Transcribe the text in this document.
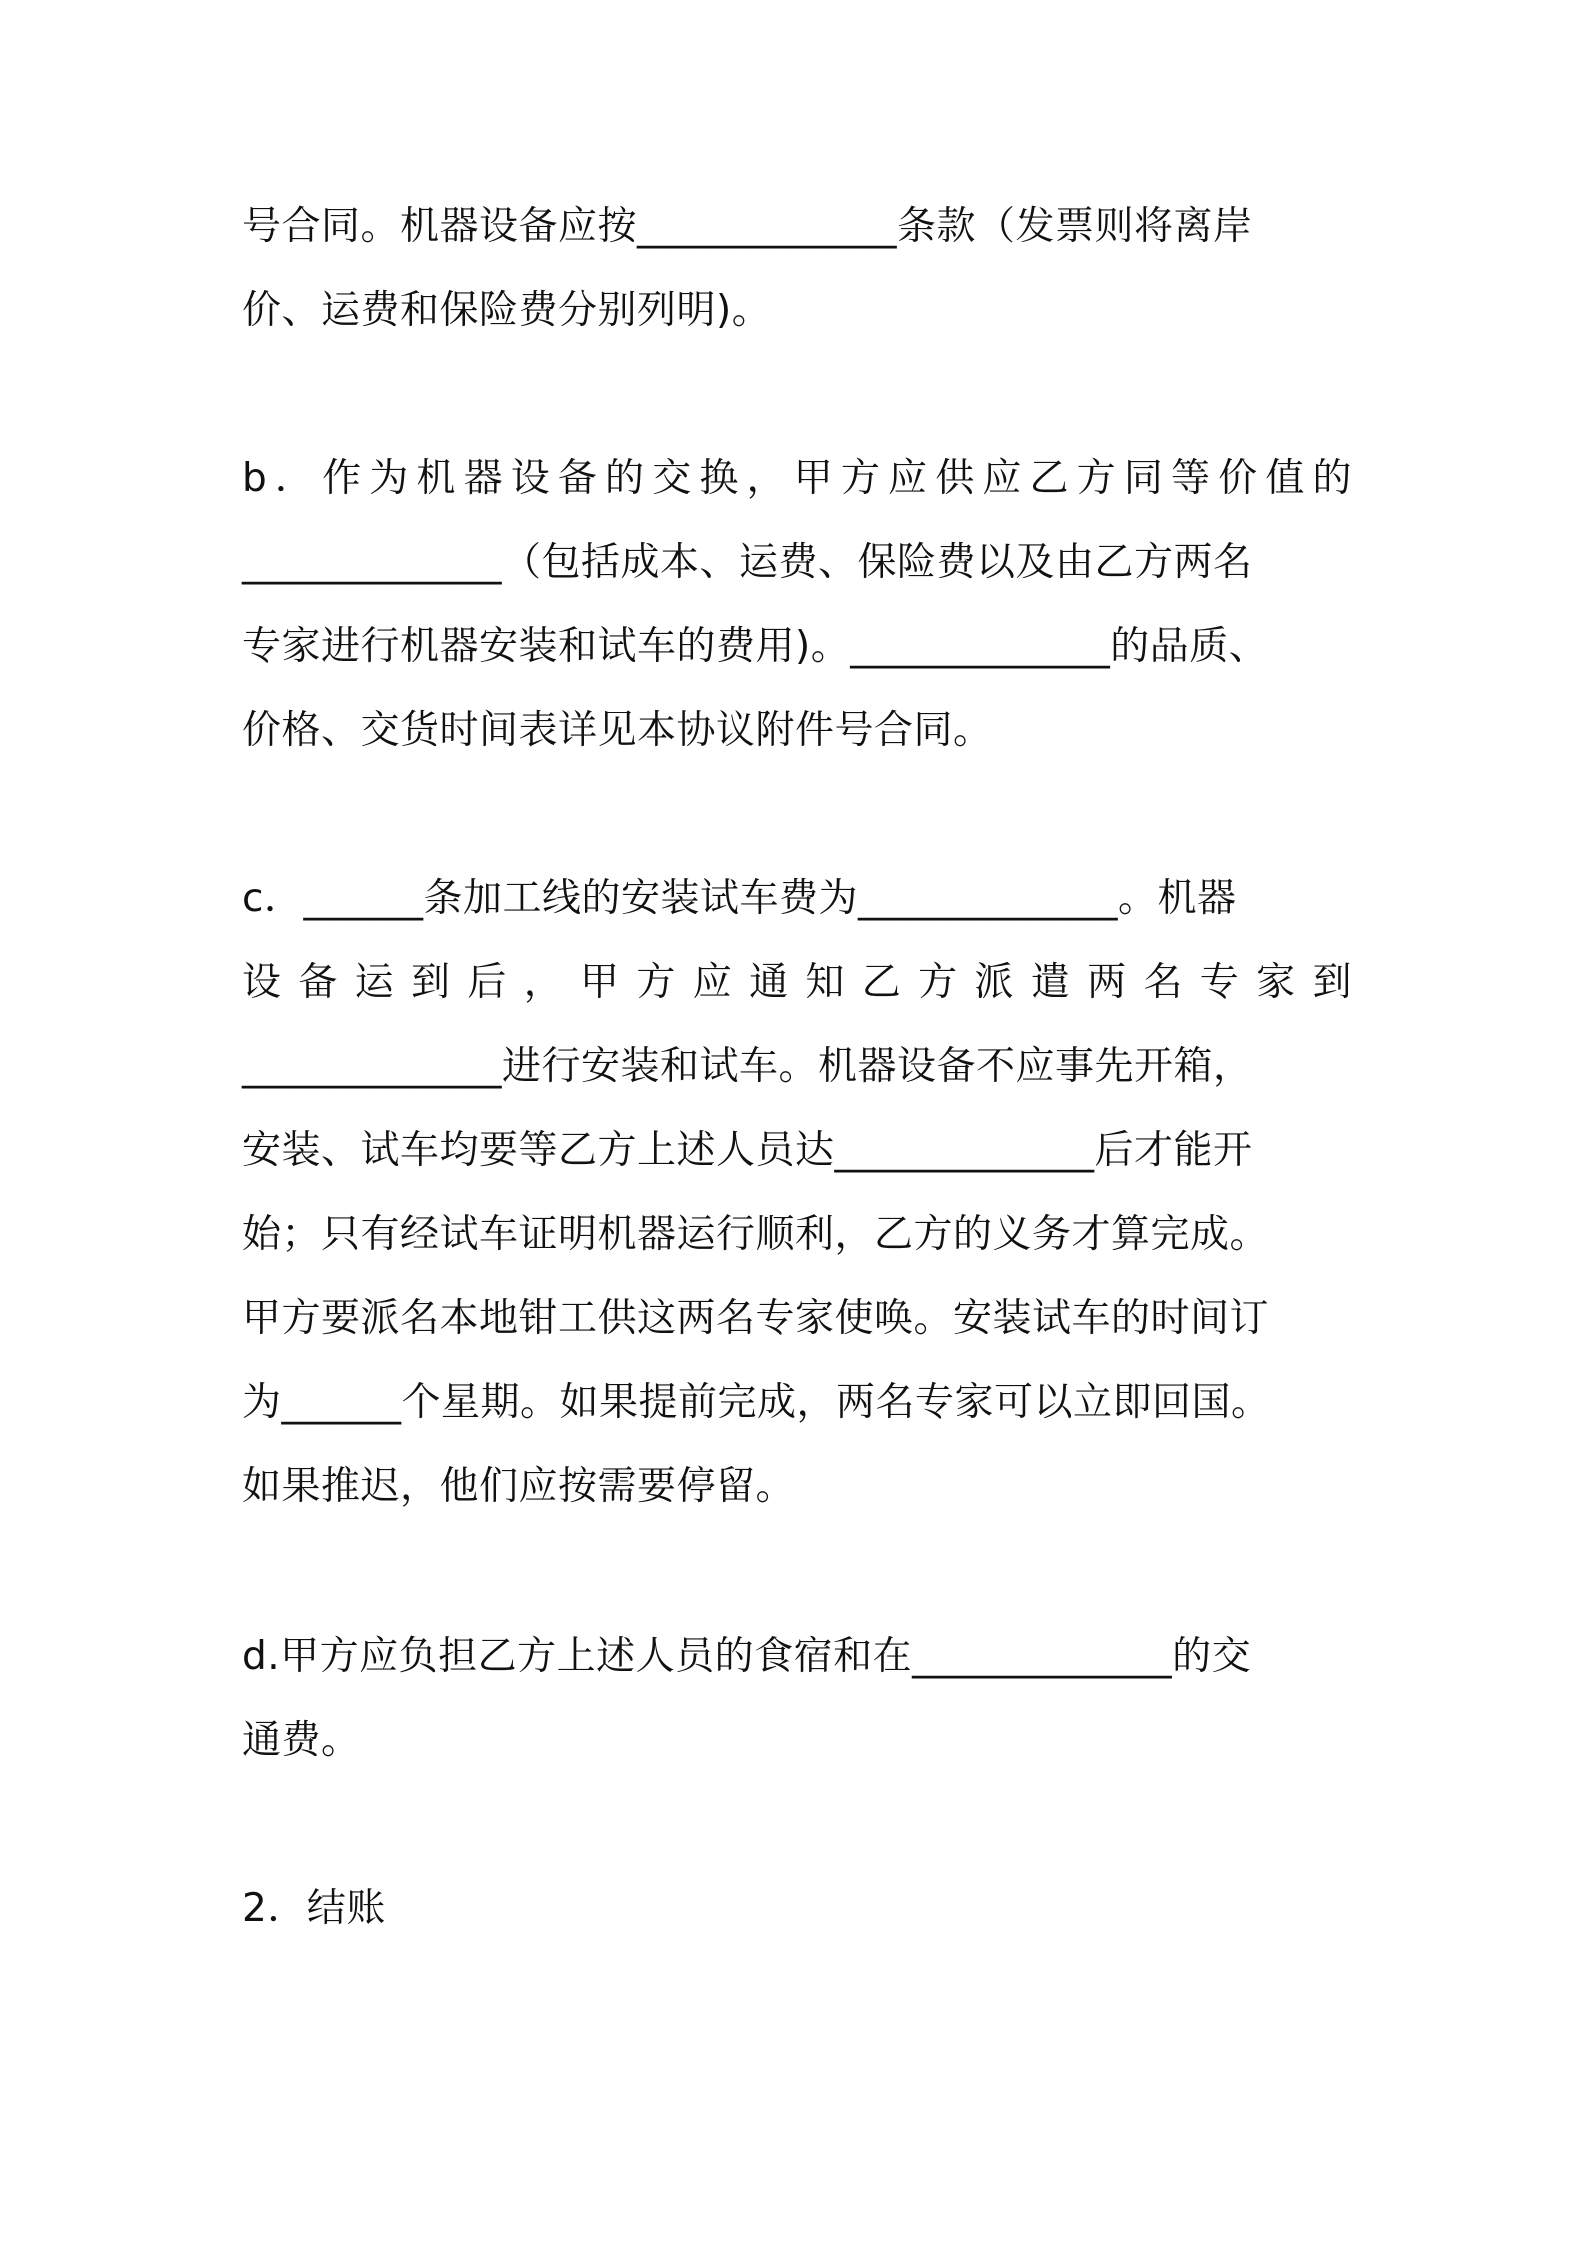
号合同。机器设备应按_____________条款（发票则将离岸
价、运费和保险费分别列明)。
b．作为机器设备的交换，甲方应供应乙方同等价值的
_____________（包括成本、运费、保险费以及由乙方两名
专家进行机器安装和试车的费用)。_____________的品质、
价格、交货时间表详见本协议附件号合同。
c．______条加工线的安装试车费为_____________。机器
设备运到后，甲方应通知乙方派遣两名专家到
_____________进行安装和试车。机器设备不应事先开箱，
安装、试车均要等乙方上述人员达_____________后才能开
始；只有经试车证明机器运行顺利，乙方的义务才算完成。
甲方要派名本地钳工供这两名专家使唤。安装试车的时间订
为______个星期。如果提前完成，两名专家可以立即回国。
如果推迟，他们应按需要停留。
d.甲方应负担乙方上述人员的食宿和在_____________的交
通费。
2．结账
